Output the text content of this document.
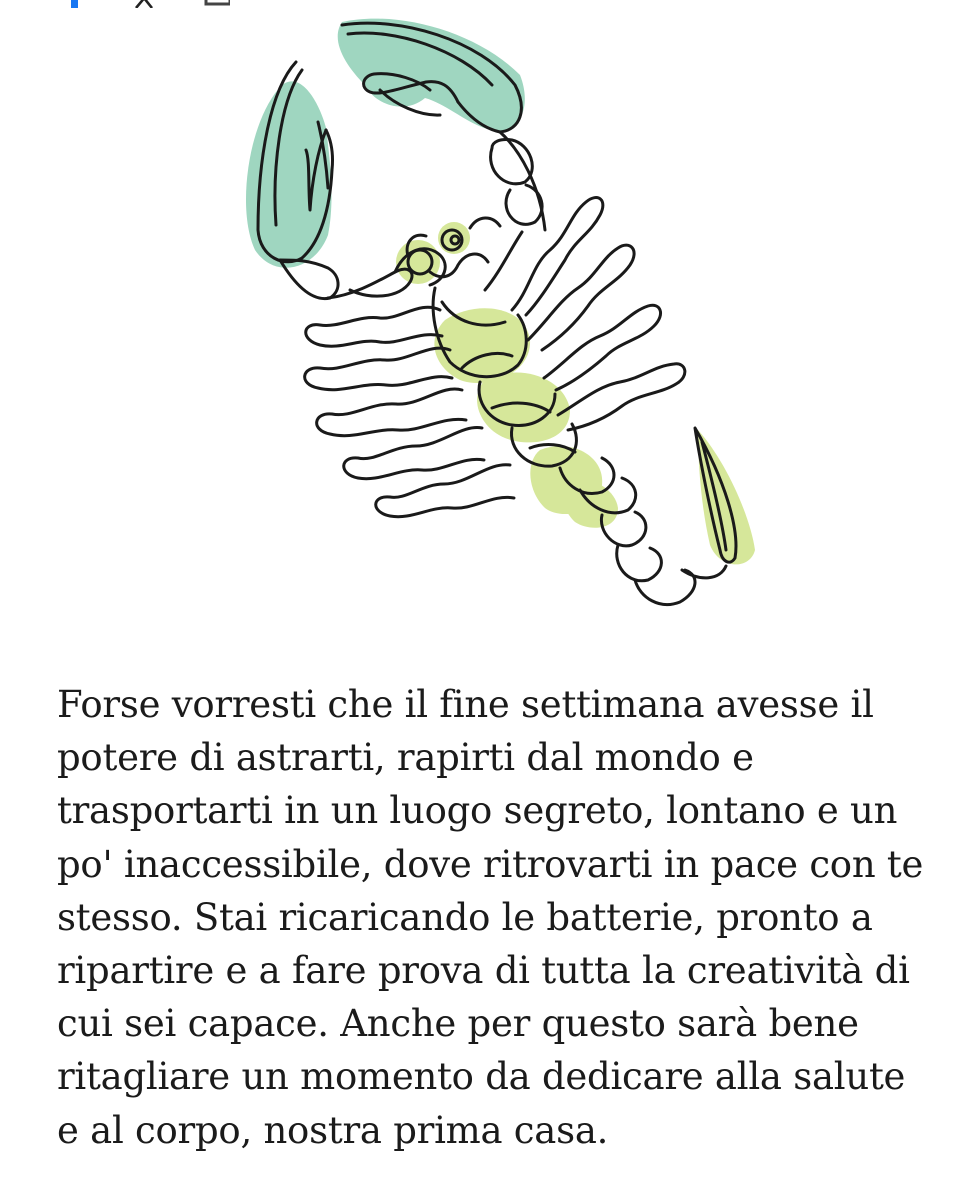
Forse vorresti che il fine settimana avesse il potere di astrarti, rapirti dal mondo e trasportarti in un luogo segreto, lontano e un po' inaccessibile, dove ritrovarti in pace con te stesso. Stai ricaricando le batterie, pronto a ripartire e a fare prova di tutta la creatività di cui sei capace. Anche per questo sarà bene ritagliare un momento da dedicare alla salute e al corpo, nostra prima casa.
